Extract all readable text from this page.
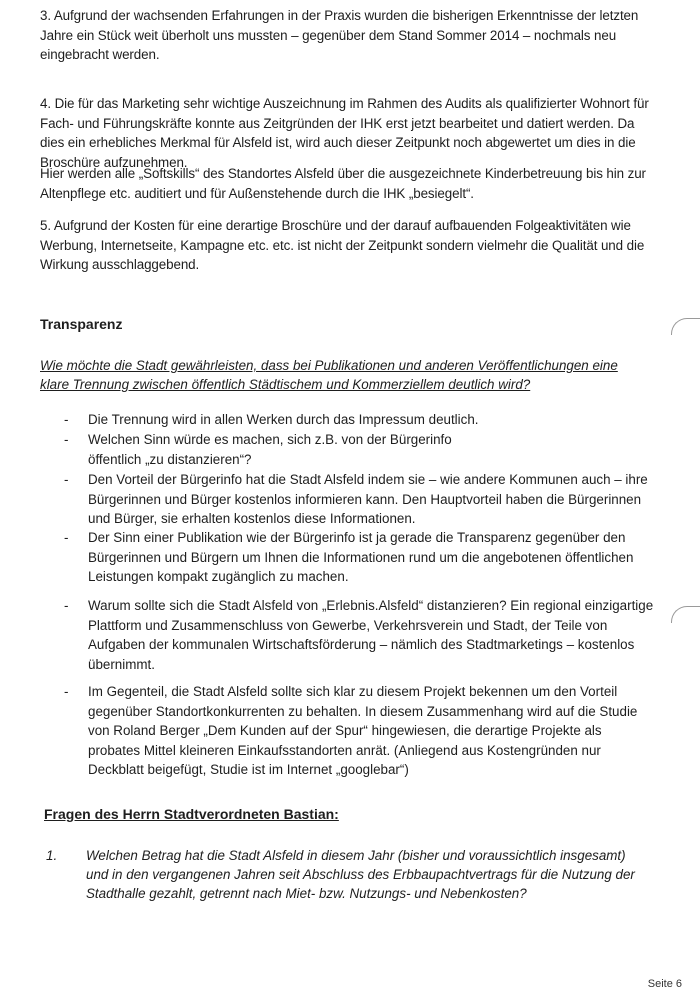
3. Aufgrund der wachsenden Erfahrungen in der Praxis wurden die bisherigen Erkenntnisse der letzten Jahre ein Stück weit überholt uns mussten – gegenüber dem Stand Sommer 2014 – nochmals neu eingebracht werden.

4. Die für das Marketing sehr wichtige Auszeichnung im Rahmen des Audits als qualifizierter Wohnort für Fach- und Führungskräfte konnte aus Zeitgründen der IHK erst jetzt bearbeitet und datiert werden. Da dies ein erhebliches Merkmal für Alsfeld ist, wird auch dieser Zeitpunkt noch abgewertet um dies in die Broschüre aufzunehmen.

Hier werden alle „Softskills“ des Standortes Alsfeld über die ausgezeichnete Kinderbetreuung bis hin zur Altenpflege etc. auditiert und für Außenstehende durch die IHK „besiegelt“.

5. Aufgrund der Kosten für eine derartige Broschüre und der darauf aufbauenden Folgeaktivitäten wie Werbung, Internetseite, Kampagne etc. etc. ist nicht der Zeitpunkt sondern vielmehr die Qualität und die Wirkung ausschlaggebend.

Transparenz

Wie möchte die Stadt gewährleisten, dass bei Publikationen und anderen Veröffentlichungen eine klare Trennung zwischen öffentlich Städtischem und Kommerziellem deutlich wird?

- Die Trennung wird in allen Werken durch das Impressum deutlich.
- Welchen Sinn würde es machen, sich z.B. von der Bürgerinfo öffentlich „zu distanzieren“?
- Den Vorteil der Bürgerinfo hat die Stadt Alsfeld indem sie – wie andere Kommunen auch – ihre Bürgerinnen und Bürger kostenlos informieren kann. Den Hauptvorteil haben die Bürgerinnen und Bürger, sie erhalten kostenlos diese Informationen.
- Der Sinn einer Publikation wie der Bürgerinfo ist ja gerade die Transparenz gegenüber den Bürgerinnen und Bürgern um Ihnen die Informationen rund um die angebotenen öffentlichen Leistungen kompakt zugänglich zu machen.
- Warum sollte sich die Stadt Alsfeld von „Erlebnis.Alsfeld“ distanzieren? Ein regional einzigartige Plattform und Zusammenschluss von Gewerbe, Verkehrsverein und Stadt, der Teile von Aufgaben der kommunalen Wirtschaftsförderung – nämlich des Stadtmarketings – kostenlos übernimmt.
- Im Gegenteil, die Stadt Alsfeld sollte sich klar zu diesem Projekt bekennen um den Vorteil gegenüber Standortkonkurrenten zu behalten. In diesem Zusammenhang wird auf die Studie von Roland Berger „Dem Kunden auf der Spur“ hingewiesen, die derartige Projekte als probates Mittel kleineren Einkaufsstandorten anrät. (Anliegend aus Kostengründen nur Deckblatt beigefügt, Studie ist im Internet „googlebar“)

Fragen des Herrn Stadtverordneten Bastian:

1. Welchen Betrag hat die Stadt Alsfeld in diesem Jahr (bisher und voraussichtlich insgesamt) und in den vergangenen Jahren seit Abschluss des Erbbaupachtvertrags für die Nutzung der Stadthalle gezahlt, getrennt nach Miet- bzw. Nutzungs- und Nebenkosten?
Seite 6
